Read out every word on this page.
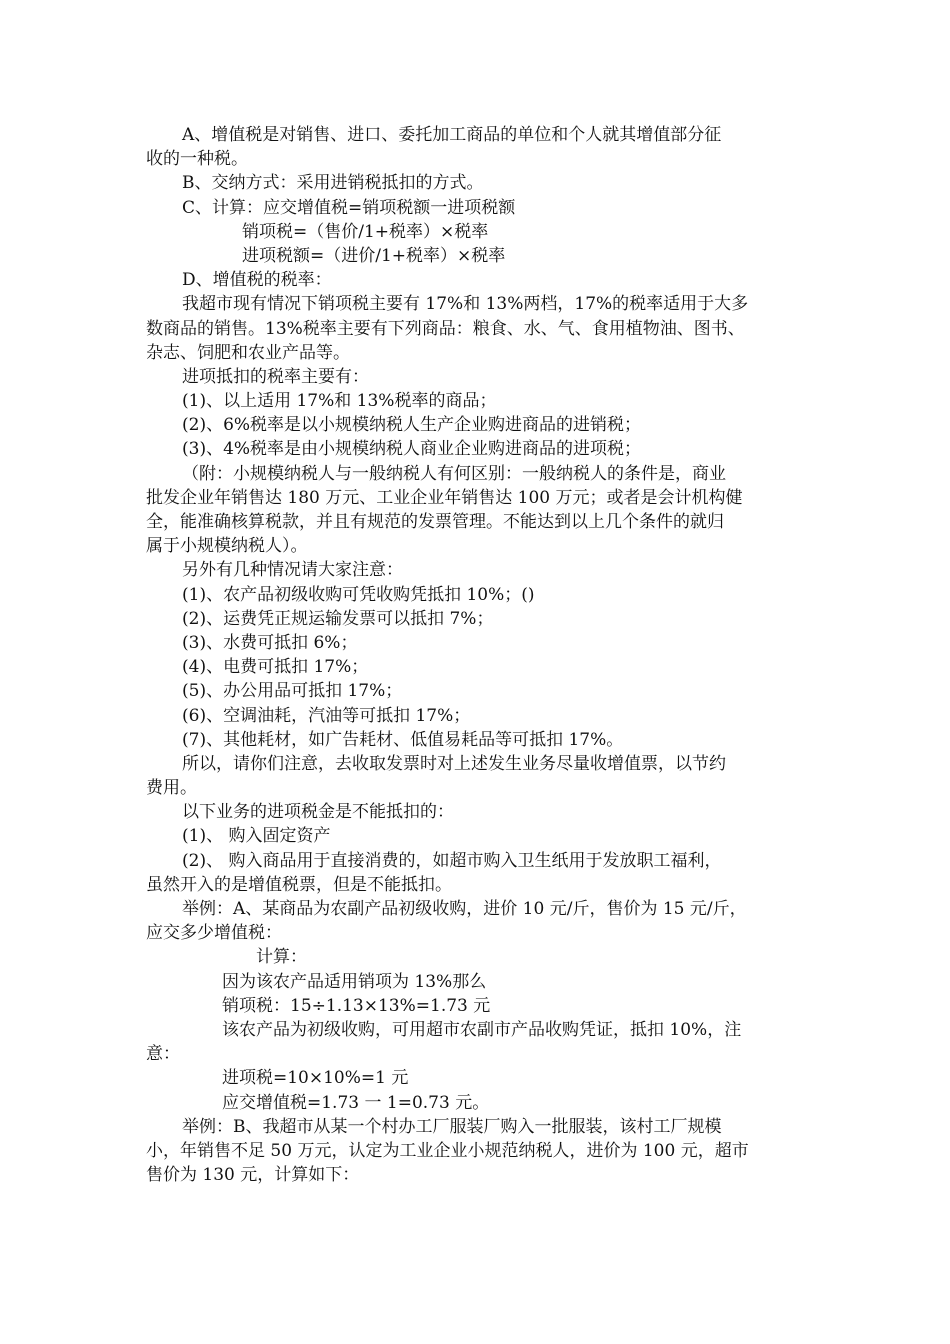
A、增值税是对销售、进口、委托加工商品的单位和个人就其增值部分征
收的一种税。
B、交纳方式：采用进销税抵扣的方式。
C、计算：应交增值税=销项税额一进项税额
销项税=（售价/1+税率）×税率
进项税额=（进价/1+税率）×税率
D、增值税的税率：
我超市现有情况下销项税主要有 17%和 13%两档，17%的税率适用于大多
数商品的销售。13%税率主要有下列商品：粮食、水、气、食用植物油、图书、
杂志、饲肥和农业产品等。
进项抵扣的税率主要有：
(1)、以上适用 17%和 13%税率的商品；
(2)、6%税率是以小规模纳税人生产企业购进商品的进销税；
(3)、4%税率是由小规模纳税人商业企业购进商品的进项税；
（附：小规模纳税人与一般纳税人有何区别：一般纳税人的条件是，商业
批发企业年销售达 180 万元、工业企业年销售达 100 万元；或者是会计机构健
全，能准确核算税款，并且有规范的发票管理。不能达到以上几个条件的就归
属于小规模纳税人）。
另外有几种情况请大家注意：
(1)、农产品初级收购可凭收购凭抵扣 10%；()
(2)、运费凭正规运输发票可以抵扣 7%；
(3)、水费可抵扣 6%；
(4)、电费可抵扣 17%；
(5)、办公用品可抵扣 17%；
(6)、空调油耗，汽油等可抵扣 17%；
(7)、其他耗材，如广告耗材、低值易耗品等可抵扣 17%。
所以，请你们注意，去收取发票时对上述发生业务尽量收增值票，以节约
费用。
以下业务的进项税金是不能抵扣的：
(1)、 购入固定资产
(2)、 购入商品用于直接消费的，如超市购入卫生纸用于发放职工福利，
虽然开入的是增值税票，但是不能抵扣。
举例：A、某商品为农副产品初级收购，进价 10 元/斤，售价为 15 元/斤，
应交多少增值税：
计算：
因为该农产品适用销项为 13%那么
销项税：15÷1.13×13%=1.73 元
该农产品为初级收购，可用超市农副市产品收购凭证，抵扣 10%，注
意：
进项税=10×10%=1 元
应交增值税=1.73 一 1=0.73 元。
举例：B、我超市从某一个村办工厂服装厂购入一批服装，该村工厂规模
小，年销售不足 50 万元，认定为工业企业小规范纳税人，进价为 100 元，超市
售价为 130 元，计算如下：
